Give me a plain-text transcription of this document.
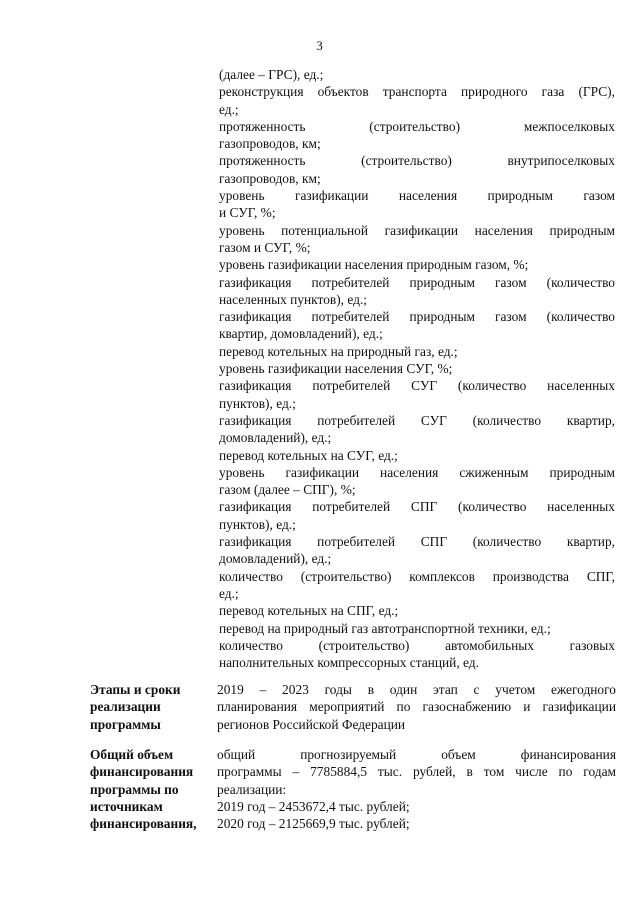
3
(далее – ГРС), ед.;
реконструкция объектов транспорта природного газа (ГРС),
ед.;
протяженность (строительство) межпоселковых
газопроводов, км;
протяженность (строительство) внутрипоселковых
газопроводов, км;
уровень газификации населения природным газом
и СУГ, %;
уровень потенциальной газификации населения природным
газом и СУГ, %;
уровень газификации населения природным газом, %;
газификация потребителей природным газом (количество
населенных пунктов), ед.;
газификация потребителей природным газом (количество
квартир, домовладений), ед.;
перевод котельных на природный газ, ед.;
уровень газификации населения СУГ, %;
газификация потребителей СУГ (количество населенных
пунктов), ед.;
газификация потребителей СУГ (количество квартир,
домовладений), ед.;
перевод котельных на СУГ, ед.;
уровень газификации населения сжиженным природным
газом (далее – СПГ), %;
газификация потребителей СПГ (количество населенных
пунктов), ед.;
газификация потребителей СПГ (количество квартир,
домовладений), ед.;
количество (строительство) комплексов производства СПГ,
ед.;
перевод котельных на СПГ, ед.;
перевод на природный газ автотранспортной техники, ед.;
количество (строительство) автомобильных газовых
наполнительных компрессорных станций, ед.
Этапы и сроки
реализации
программы
2019 – 2023 годы в один этап с учетом ежегодного
планирования мероприятий по газоснабжению и газификации
регионов Российской Федерации
Общий объем
финансирования
программы по
источникам
финансирования,
общий прогнозируемый объем финансирования
программы – 7785884,5 тыс. рублей, в том числе по годам
реализации:
2019 год – 2453672,4 тыс. рублей;
2020 год – 2125669,9 тыс. рублей;
